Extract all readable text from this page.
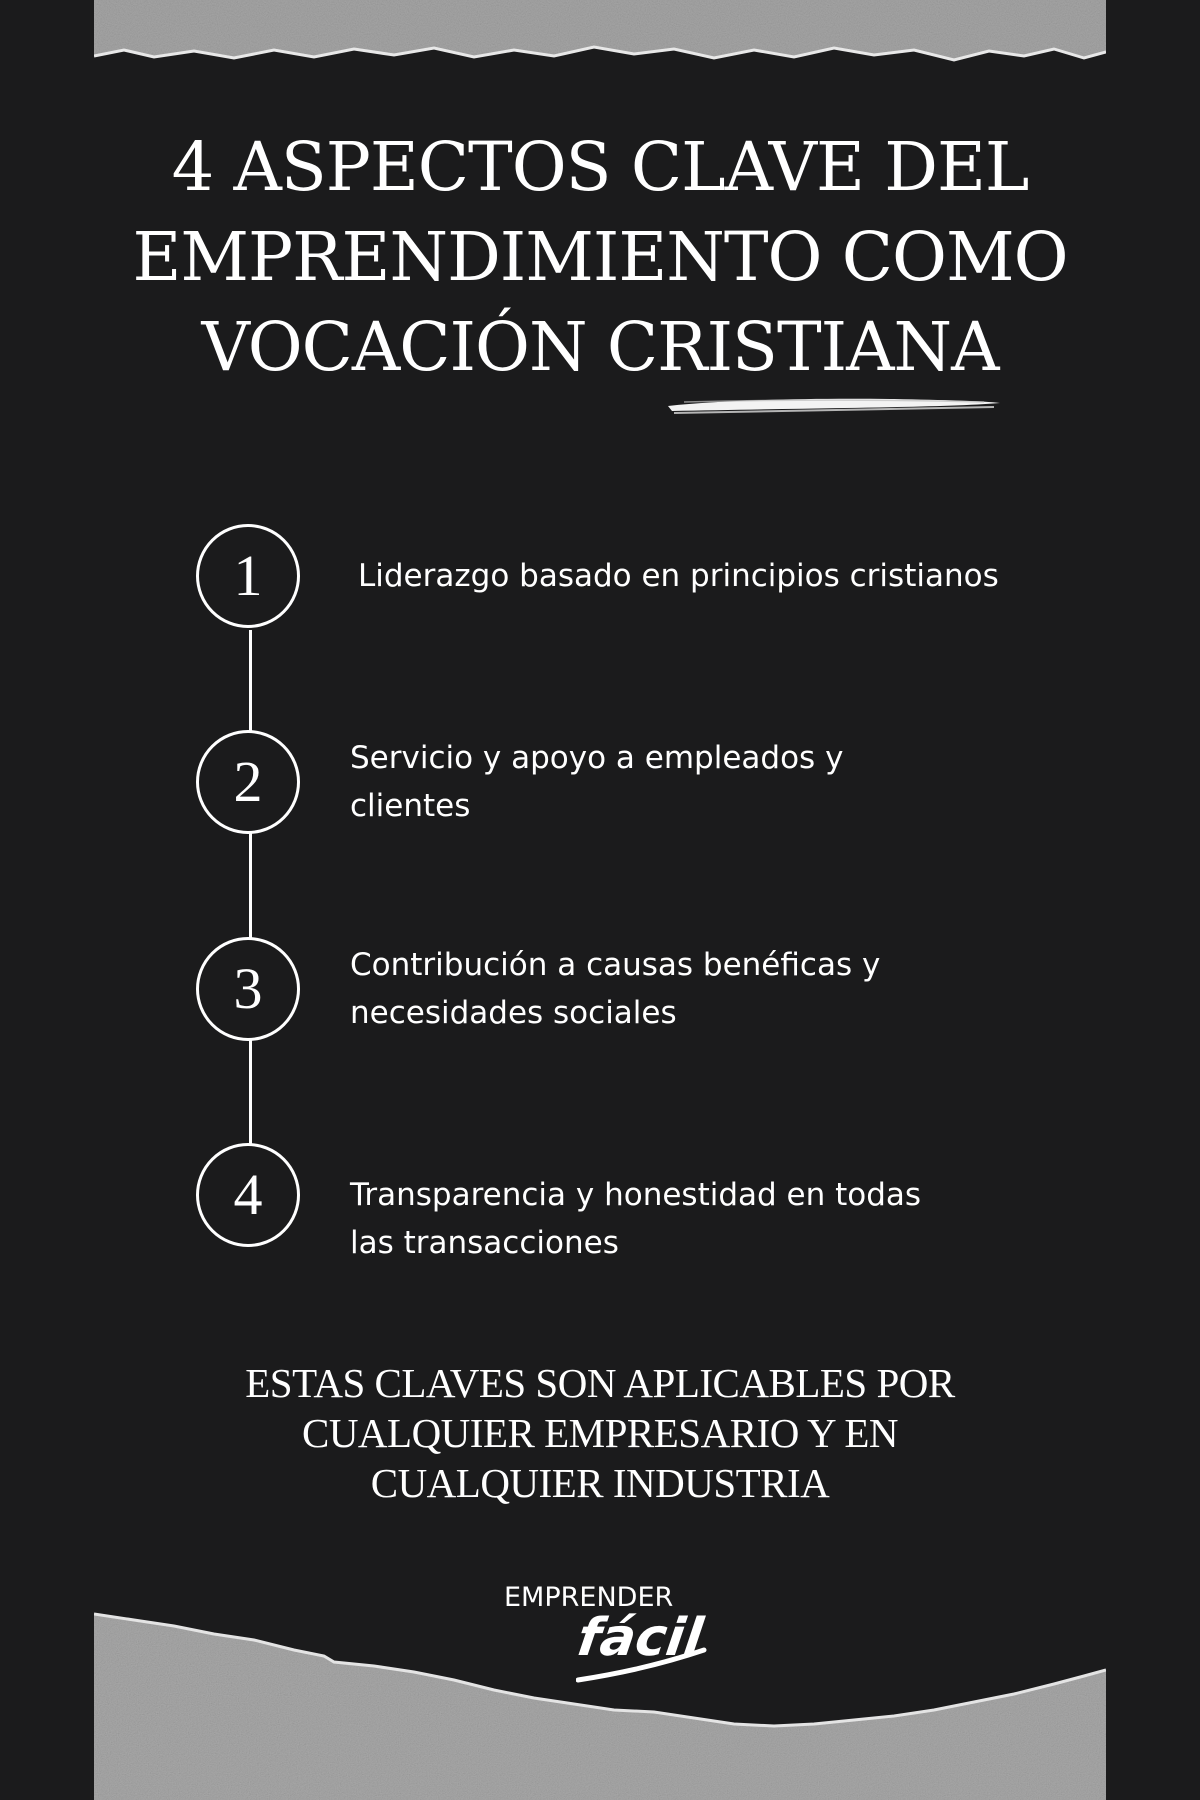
4 ASPECTOS CLAVE DEL
EMPRENDIMIENTO COMO
VOCACIÓN CRISTIANA
1	Liderazgo basado en principios cristianos
2	Servicio y apoyo a empleados y
clientes
3	Contribución a causas benéficas y
necesidades sociales
4	Transparencia y honestidad en todas
las transacciones
ESTAS CLAVES SON APLICABLES POR
CUALQUIER EMPRESARIO Y EN
CUALQUIER INDUSTRIA
EMPRENDER
fácil
